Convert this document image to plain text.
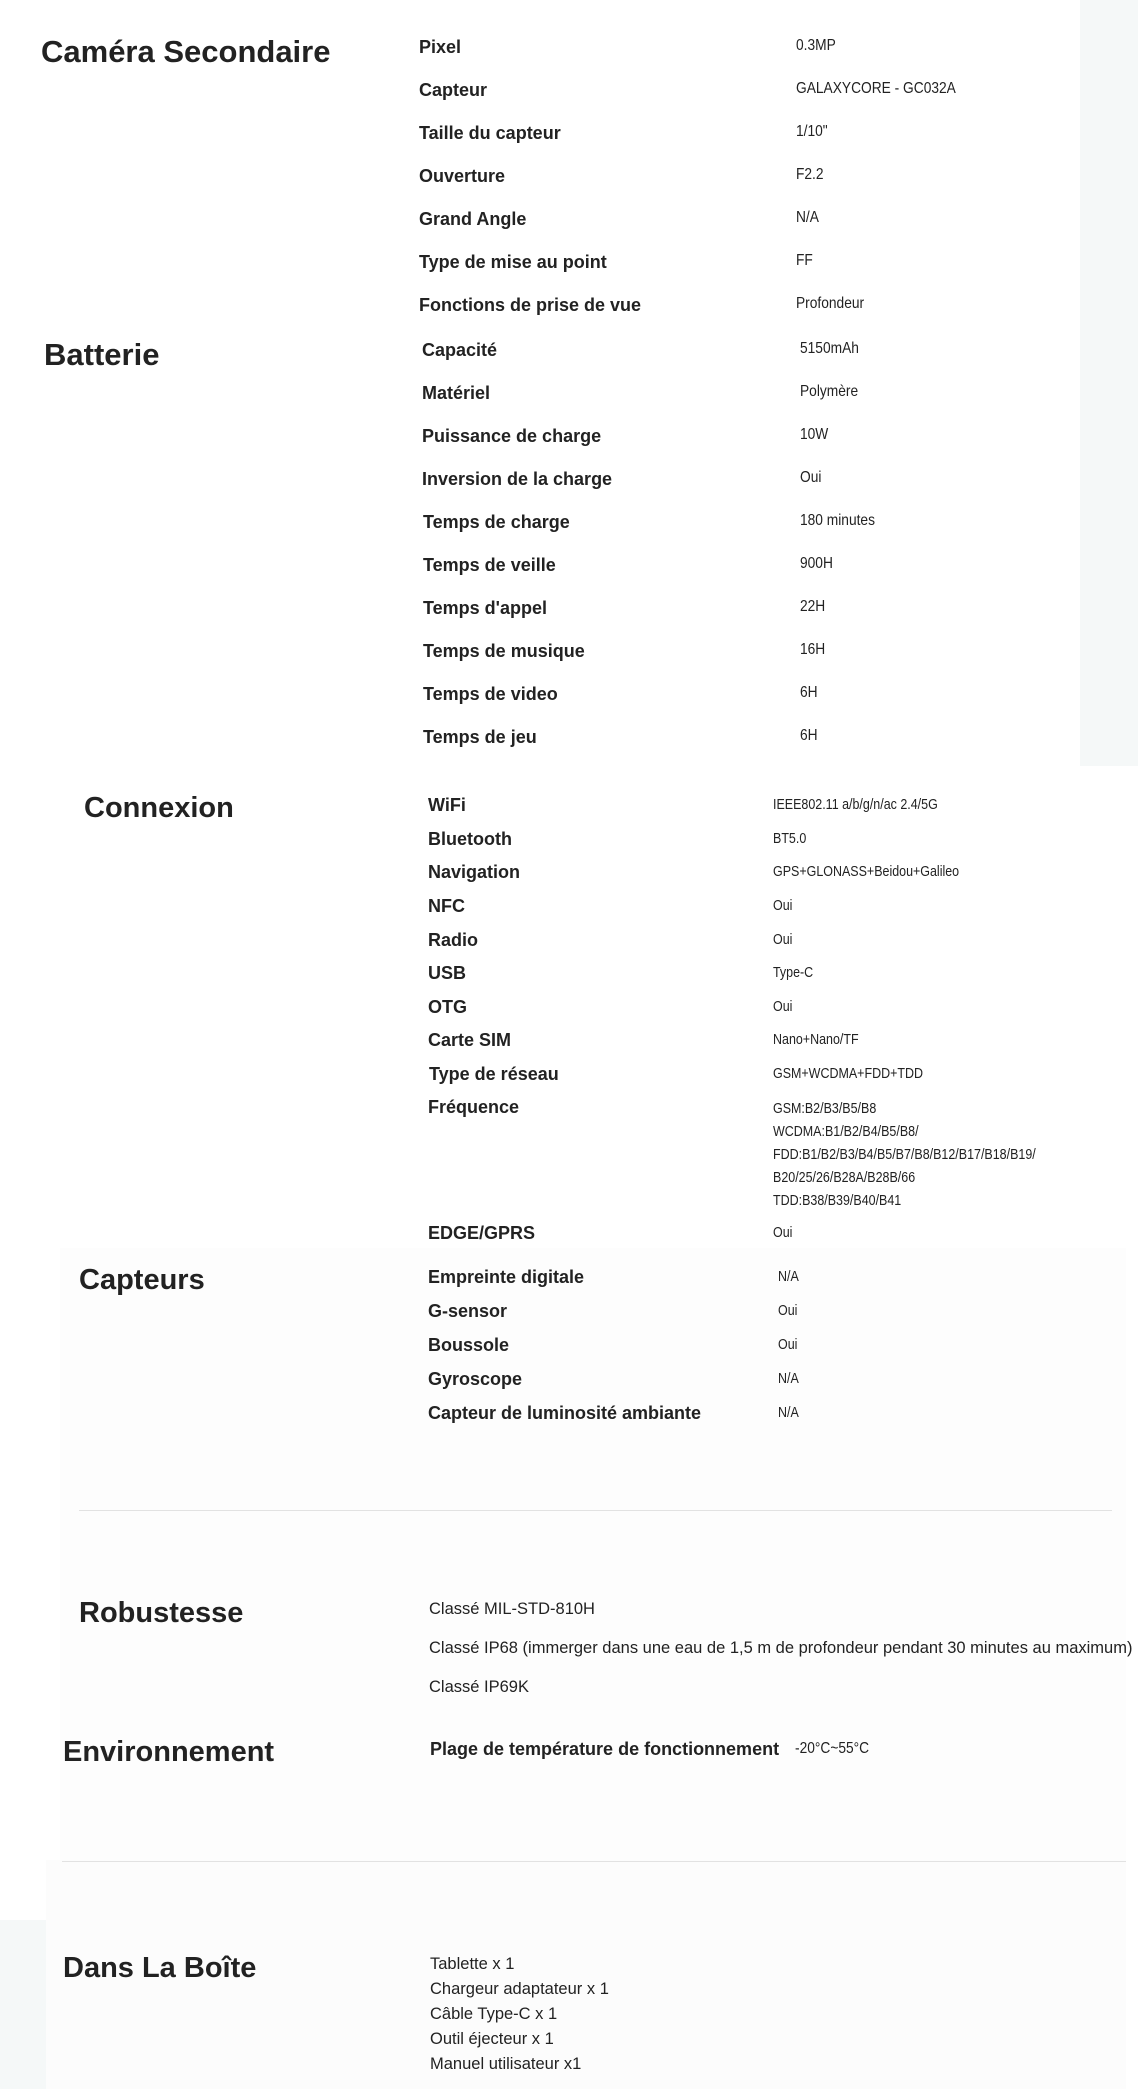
Caméra Secondaire	Pixel	0.3MP
Capteur	GALAXYCORE - GC032A
Taille du capteur	1/10"
Ouverture	F2.2
Grand Angle	N/A
Type de mise au point	FF
Fonctions de prise de vue	Profondeur
Batterie	Capacité	5150mAh
Matériel	Polymère
Puissance de charge	10W
Inversion de la charge	Oui
Temps de charge	180 minutes
Temps de veille	900H
Temps d'appel	22H
Temps de musique	16H
Temps de video	6H
Temps de jeu	6H
Connexion	WiFi	IEEE802.11 a/b/g/n/ac 2.4/5G
Bluetooth	BT5.0
Navigation	GPS+GLONASS+Beidou+Galileo
NFC	Oui
Radio	Oui
USB	Type-C
OTG	Oui
Carte SIM	Nano+Nano/TF
Type de réseau	GSM+WCDMA+FDD+TDD
Fréquence	GSM:B2/B3/B5/B8
WCDMA:B1/B2/B4/B5/B8/
FDD:B1/B2/B3/B4/B5/B7/B8/B12/B17/B18/B19/
B20/25/26/B28A/B28B/66
TDD:B38/B39/B40/B41
EDGE/GPRS	Oui
Capteurs	Empreinte digitale	N/A
G-sensor	Oui
Boussole	Oui
Gyroscope	N/A
Capteur de luminosité ambiante	N/A
Robustesse	Classé MIL-STD-810H
Classé IP68 (immerger dans une eau de 1,5 m de profondeur pendant 30 minutes au maximum)
Classé IP69K
Environnement	Plage de température de fonctionnement -20°C~55°C
Dans La Boîte	Tablette x 1
Chargeur adaptateur x 1
Câble Type-C x 1
Outil éjecteur x 1
Manuel utilisateur x1
